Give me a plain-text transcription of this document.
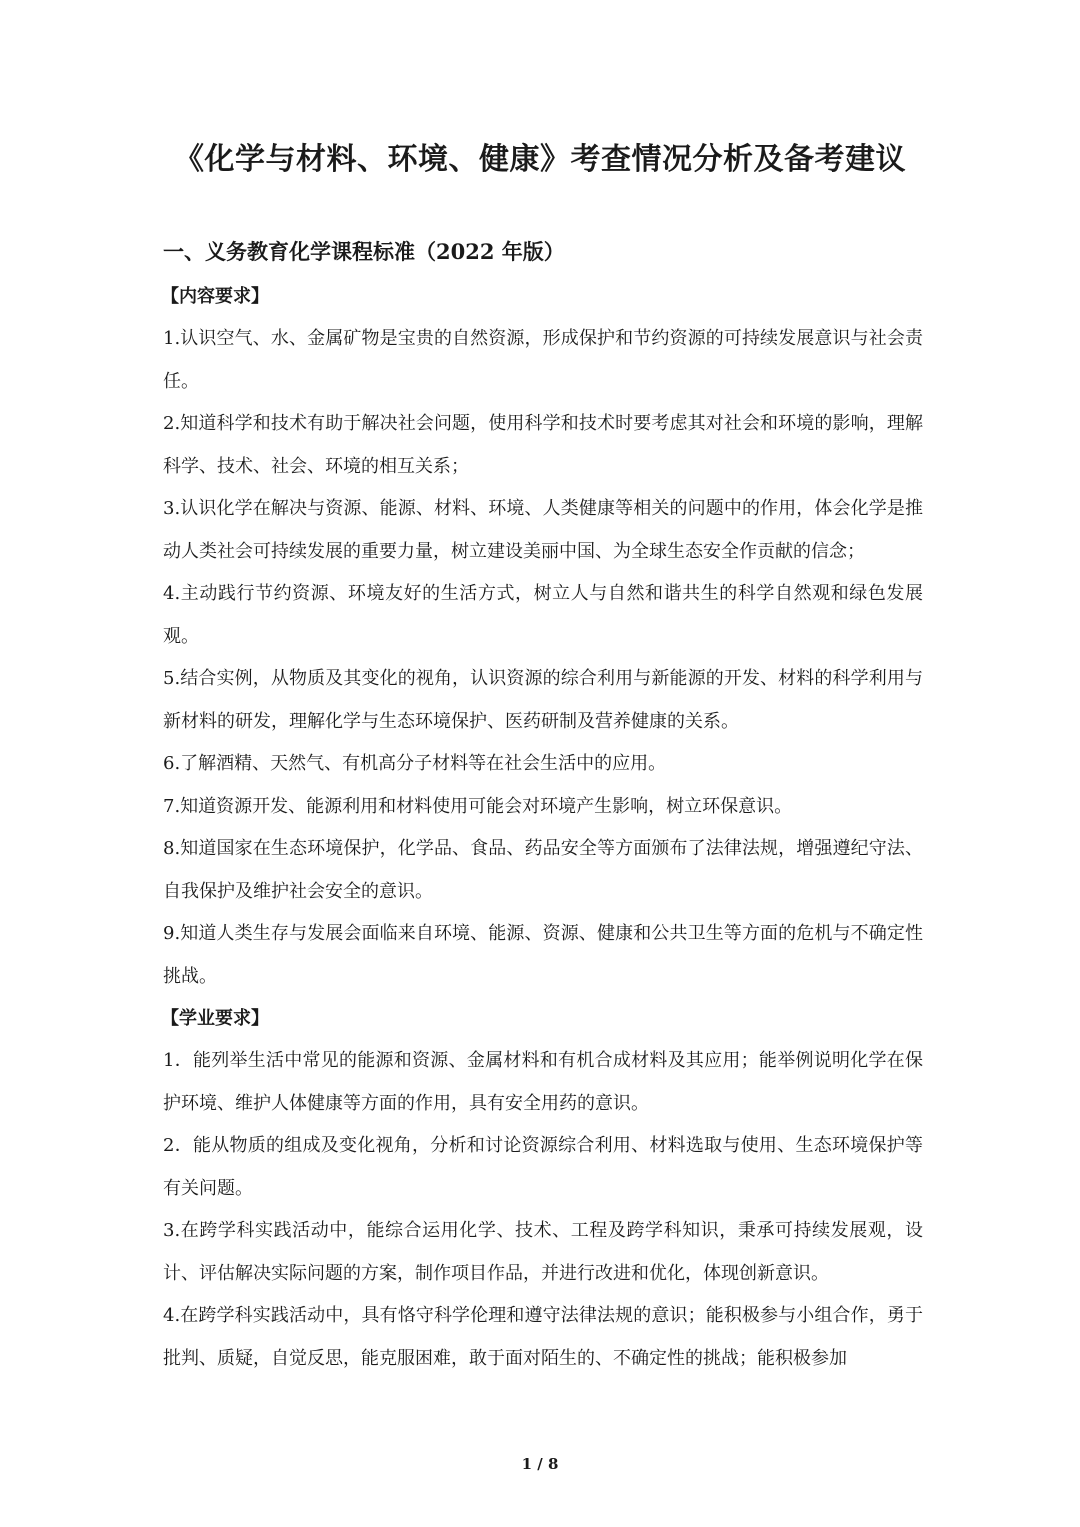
《化学与材料、环境、健康》考查情况分析及备考建议
一、义务教育化学课程标准（2022 年版）
【内容要求】

1.认识空气、水、金属矿物是宝贵的自然资源，形成保护和节约资源的可持续发展意识与社会责任。

2.知道科学和技术有助于解决社会问题，使用科学和技术时要考虑其对社会和环境的影响，理解科学、技术、社会、环境的相互关系；

3.认识化学在解决与资源、能源、材料、环境、人类健康等相关的问题中的作用，体会化学是推动人类社会可持续发展的重要力量，树立建设美丽中国、为全球生态安全作贡献的信念；

4.主动践行节约资源、环境友好的生活方式，树立人与自然和谐共生的科学自然观和绿色发展观。

5.结合实例，从物质及其变化的视角，认识资源的综合利用与新能源的开发、材料的科学利用与新材料的研发，理解化学与生态环境保护、医药研制及营养健康的关系。

6.了解酒精、天然气、有机高分子材料等在社会生活中的应用。

7.知道资源开发、能源利用和材料使用可能会对环境产生影响，树立环保意识。

8.知道国家在生态环境保护，化学品、食品、药品安全等方面颁布了法律法规，增强遵纪守法、自我保护及维护社会安全的意识。

9.知道人类生存与发展会面临来自环境、能源、资源、健康和公共卫生等方面的危机与不确定性挑战。

【学业要求】

1．能列举生活中常见的能源和资源、金属材料和有机合成材料及其应用；能举例说明化学在保护环境、维护人体健康等方面的作用，具有安全用药的意识。

2．能从物质的组成及变化视角，分析和讨论资源综合利用、材料选取与使用、生态环境保护等有关问题。

3.在跨学科实践活动中，能综合运用化学、技术、工程及跨学科知识，秉承可持续发展观，设计、评估解决实际问题的方案，制作项目作品，并进行改进和优化，体现创新意识。

4.在跨学科实践活动中，具有恪守科学伦理和遵守法律法规的意识；能积极参与小组合作，勇于批判、质疑，自觉反思，能克服困难，敢于面对陌生的、不确定性的挑战；能积极参加

1 / 8
